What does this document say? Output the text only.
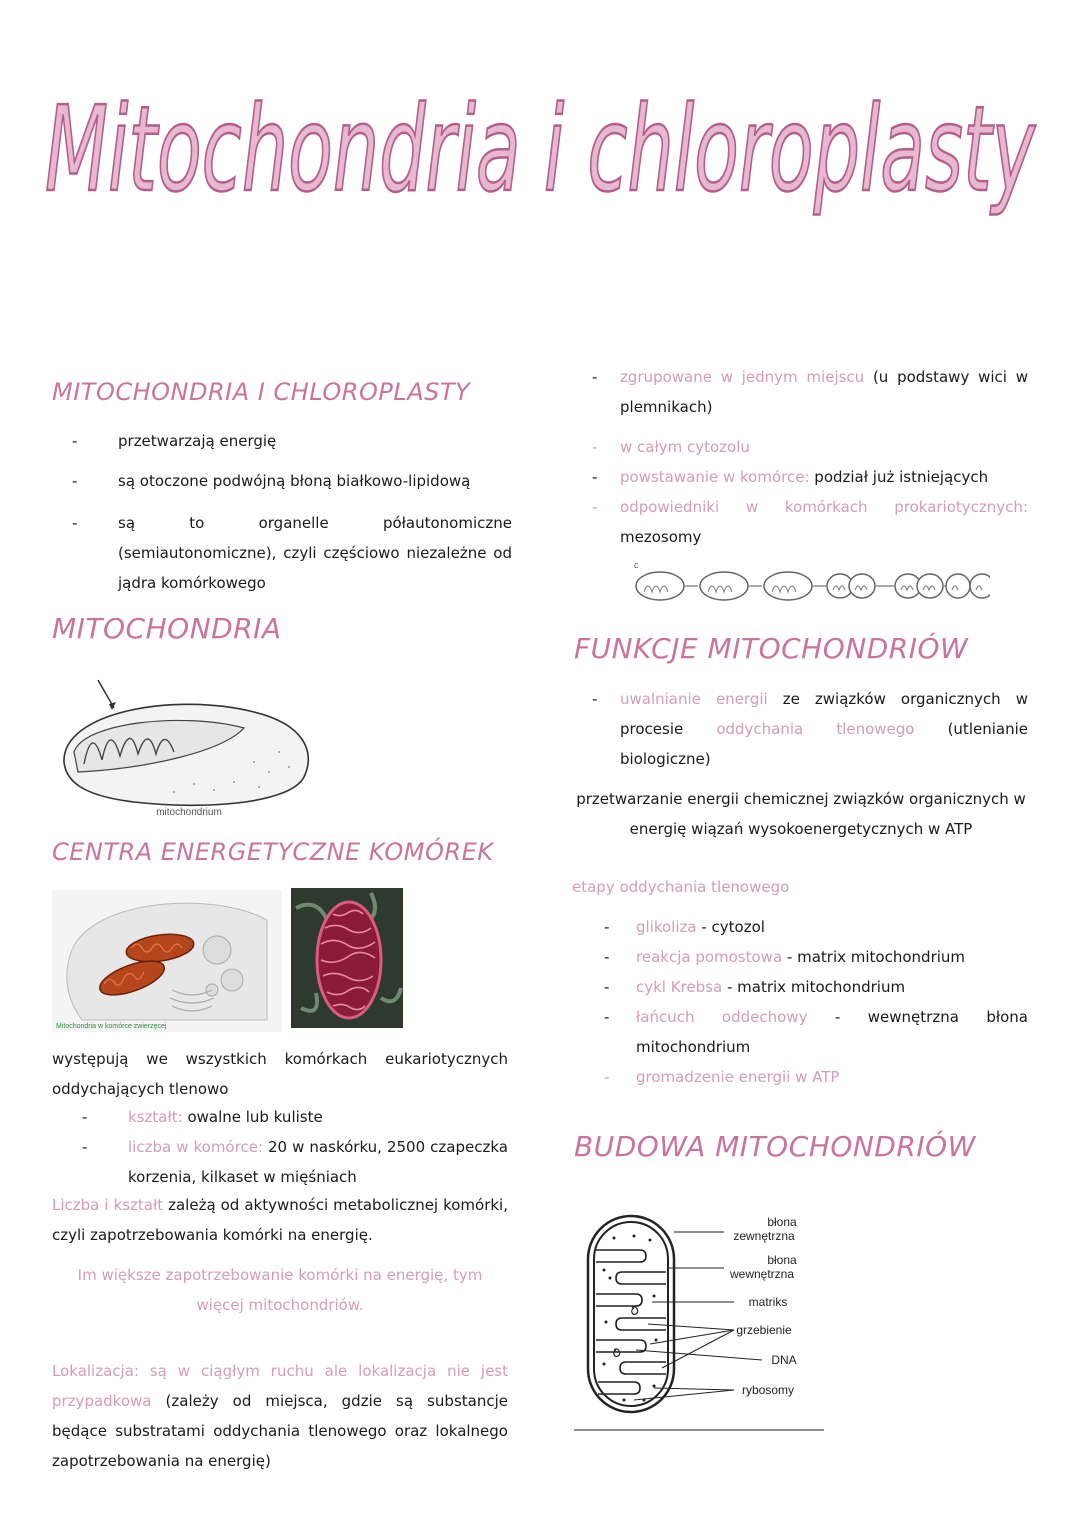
Mitochondria i chloroplasty
MITOCHONDRIA I CHLOROPLASTY
-	przetwarzają energię
-	są otoczone podwójną błoną białkowo-lipidową
-	są to organelle półautonomiczne (semiautonomiczne), czyli częściowo niezależne od jądra komórkowego
MITOCHONDRIA
mitochondrium
CENTRA ENERGETYCZNE KOMÓREK
Mitochondria w komórce zwierzęcej
występują we wszystkich komórkach eukariotycznych oddychających tlenowo
-	kształt: owalne lub kuliste
-	liczba w komórce: 20 w naskórku, 2500 czapeczka korzenia, kilkaset w mięśniach
Liczba i kształt zależą od aktywności metabolicznej komórki, czyli zapotrzebowania komórki na energię.
Im większe zapotrzebowanie komórki na energię, tym więcej mitochondriów.
Lokalizacja: są w ciągłym ruchu ale lokalizacja nie jest przypadkowa (zależy od miejsca, gdzie są substancje będące substratami oddychania tlenowego oraz lokalnego zapotrzebowania na energię)
- zgrupowane w jednym miejscu (u podstawy wici w plemnikach)
- w całym cytozolu
- powstawanie w komórce: podział już istniejących
- odpowiedniki w komórkach prokariotycznych: mezosomy
c
FUNKCJE MITOCHONDRIÓW
- uwalnianie energii ze związków organicznych w procesie oddychania tlenowego (utlenianie biologiczne)
przetwarzanie energii chemicznej związków organicznych w energię wiązań wysokoenergetycznych w ATP
etapy oddychania tlenowego
- glikoliza - cytozol
- reakcja pomostowa - matrix mitochondrium
- cykl Krebsa - matrix mitochondrium
- łańcuch oddechowy - wewnętrzna błona mitochondrium
- gromadzenie energii w ATP
BUDOWA MITOCHONDRIÓW
błona
zewnętrzna
błona
wewnętrzna
matriks
grzebienie
DNA
rybosomy
